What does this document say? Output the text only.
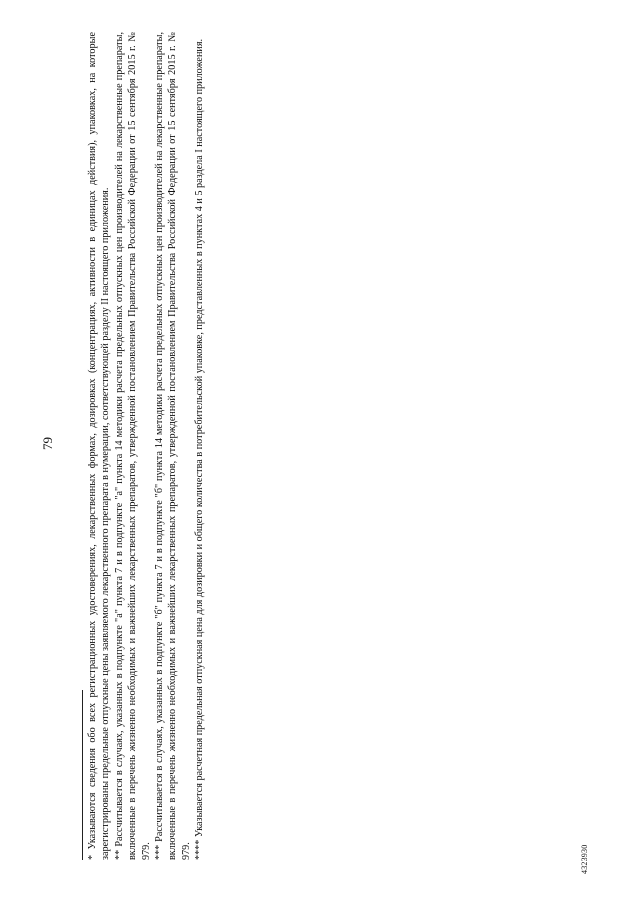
79	* Указываются сведения обо всех регистрационных удостоверениях, лекарственных формах, дозировках (концентрациях, активности в единицах действия), упаковках, на которые зарегистрированы предельные отпускные цены заявляемого лекарственного препарата в нумерации, соответствующей разделу II настоящего приложения. ** Рассчитывается в случаях, указанных в подпункте "а" пункта 7 и в подпункте "а" пункта 14 методики расчета предельных отпускных цен производителей на лекарственные препараты, включенные в перечень жизненно необходимых и важнейших лекарственных препаратов, утвержденной постановлением Правительства Российской Федерации от 15 сентября 2015 г. № 979. *** Рассчитывается в случаях, указанных в подпункте "б" пункта 7 и в подпункте "б" пункта 14 методики расчета предельных отпускных цен производителей на лекарственные препараты, включенные в перечень жизненно необходимых и важнейших лекарственных препаратов, утвержденной постановлением Правительства Российской Федерации от 15 сентября 2015 г. № 979. **** Указывается расчетная предельная отпускная цена для дозировки и общего количества в потребительской упаковке, представленных в пунктах 4 и 5 раздела I настоящего приложения.	4323930
